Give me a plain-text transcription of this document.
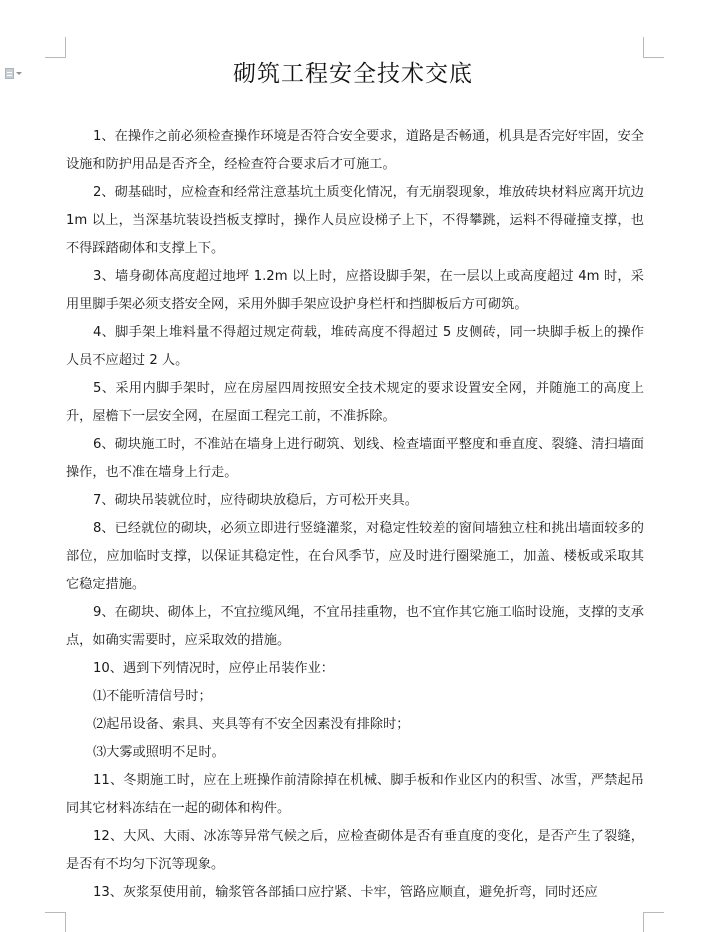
砌筑工程安全技术交底

1、在操作之前必须检查操作环境是否符合安全要求，道路是否畅通，机具是否完好牢固，安全设施和防护用品是否齐全，经检查符合要求后才可施工。

2、砌基础时，应检查和经常注意基坑土质变化情况，有无崩裂现象，堆放砖块材料应离开坑边 1m 以上，当深基坑装设挡板支撑时，操作人员应设梯子上下，不得攀跳，运料不得碰撞支撑，也不得踩踏砌体和支撑上下。

3、墙身砌体高度超过地坪 1.2m 以上时，应搭设脚手架，在一层以上或高度超过 4m 时，采用里脚手架必须支搭安全网，采用外脚手架应设护身栏杆和挡脚板后方可砌筑。

4、脚手架上堆料量不得超过规定荷载，堆砖高度不得超过 5 皮侧砖，同一块脚手板上的操作人员不应超过 2 人。

5、采用内脚手架时，应在房屋四周按照安全技术规定的要求设置安全网，并随施工的高度上升，屋檐下一层安全网，在屋面工程完工前，不准拆除。

6、砌块施工时，不准站在墙身上进行砌筑、划线、检查墙面平整度和垂直度、裂缝、清扫墙面操作，也不准在墙身上行走。

7、砌块吊装就位时，应待砌块放稳后，方可松开夹具。

8、已经就位的砌块，必须立即进行竖缝灌浆，对稳定性较差的窗间墙独立柱和挑出墙面较多的部位，应加临时支撑，以保证其稳定性，在台风季节，应及时进行圈梁施工，加盖、楼板或采取其它稳定措施。

9、在砌块、砌体上，不宜拉缆风绳，不宜吊挂重物，也不宜作其它施工临时设施，支撑的支承点，如确实需要时，应采取效的措施。

10、遇到下列情况时，应停止吊装作业：

⑴不能听清信号时；

⑵起吊设备、索具、夹具等有不安全因素没有排除时；

⑶大雾或照明不足时。

11、冬期施工时，应在上班操作前清除掉在机械、脚手板和作业区内的积雪、冰雪，严禁起吊同其它材料冻结在一起的砌体和构件。

12、大风、大雨、冰冻等异常气候之后，应检查砌体是否有垂直度的变化，是否产生了裂缝，是否有不均匀下沉等现象。

13、灰浆泵使用前，输浆管各部插口应拧紧、卡牢，管路应顺直，避免折弯，同时还应
